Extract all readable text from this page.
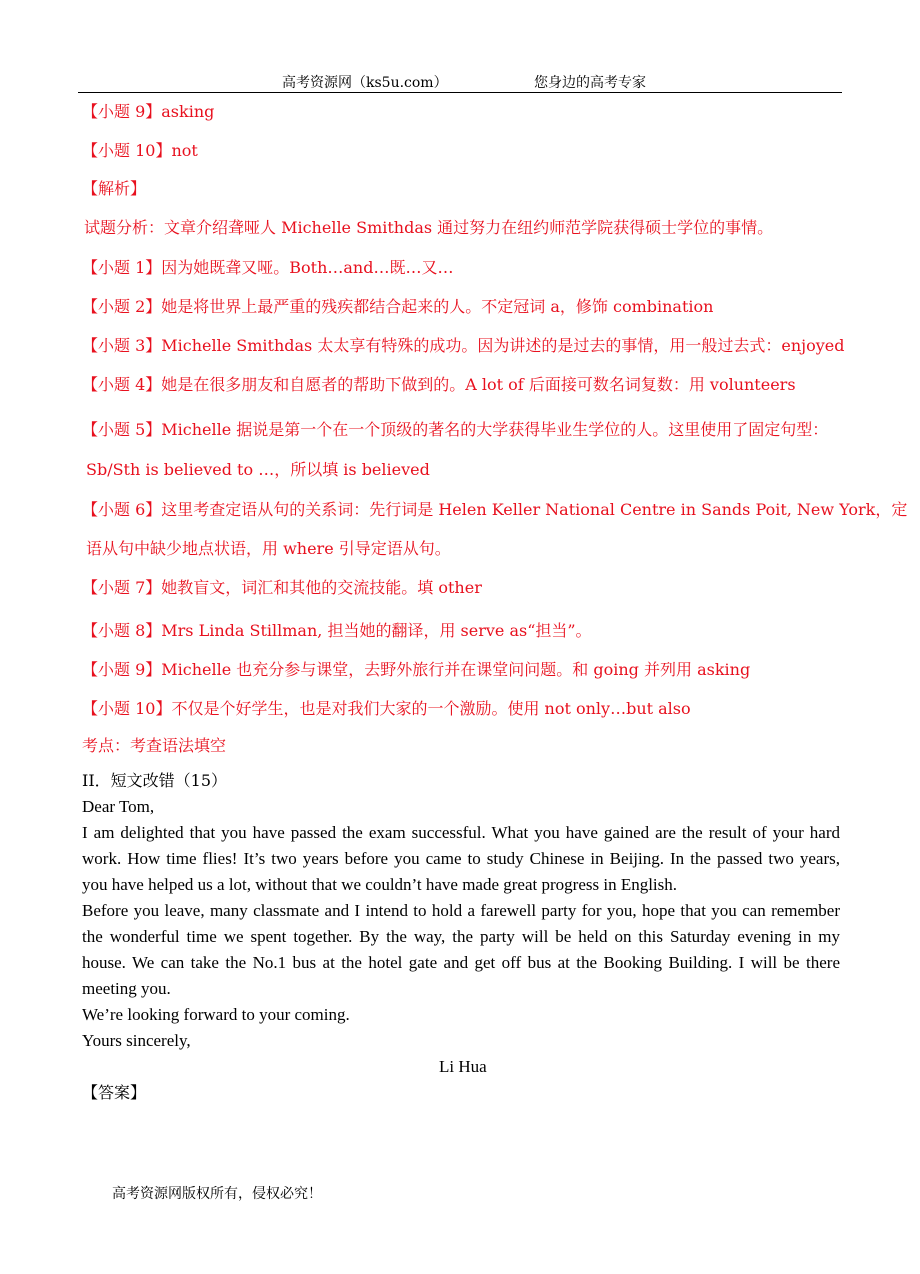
高考资源网（ks5u.com）	您身边的高考专家
【小题 9】asking
【小题 10】not
【解析】
试题分析：文章介绍聋哑人 Michelle Smithdas 通过努力在纽约师范学院获得硕士学位的事情。
【小题 1】因为她既聋又哑。Both…and…既…又…
【小题 2】她是将世界上最严重的残疾都结合起来的人。不定冠词 a，修饰 combination
【小题 3】Michelle Smithdas 太太享有特殊的成功。因为讲述的是过去的事情，用一般过去式：enjoyed
【小题 4】她是在很多朋友和自愿者的帮助下做到的。A lot of 后面接可数名词复数：用 volunteers
【小题 5】Michelle 据说是第一个在一个顶级的著名的大学获得毕业生学位的人。这里使用了固定句型：
Sb/Sth is believed to …，所以填 is believed
【小题 6】这里考查定语从句的关系词：先行词是 Helen Keller National Centre in Sands Poit, New York，定
语从句中缺少地点状语，用 where 引导定语从句。
【小题 7】她教盲文，词汇和其他的交流技能。填 other
【小题 8】Mrs Linda Stillman, 担当她的翻译，用 serve as“担当”。
【小题 9】Michelle 也充分参与课堂，去野外旅行并在课堂问问题。和 going 并列用 asking
【小题 10】不仅是个好学生，也是对我们大家的一个激励。使用 not only…but also
考点：考查语法填空
II．短文改错（15）
Dear Tom,
I am delighted that you have passed the exam successful. What you have gained are the result of your hard
work. How time flies! It’s two years before you came to study Chinese in Beijing. In the passed two years,
you have helped us a lot, without that we couldn’t have made great progress in English.
Before you leave, many classmate and I intend to hold a farewell party for you, hope that you can remember
the wonderful time we spent together. By the way, the party will be held on this Saturday evening in my
house. We can take the No.1 bus at the hotel gate and get off bus at the Booking Building. I will be there
meeting you.
We’re looking forward to your coming.
Yours sincerely,
Li Hua
【答案】
高考资源网版权所有，侵权必究！
